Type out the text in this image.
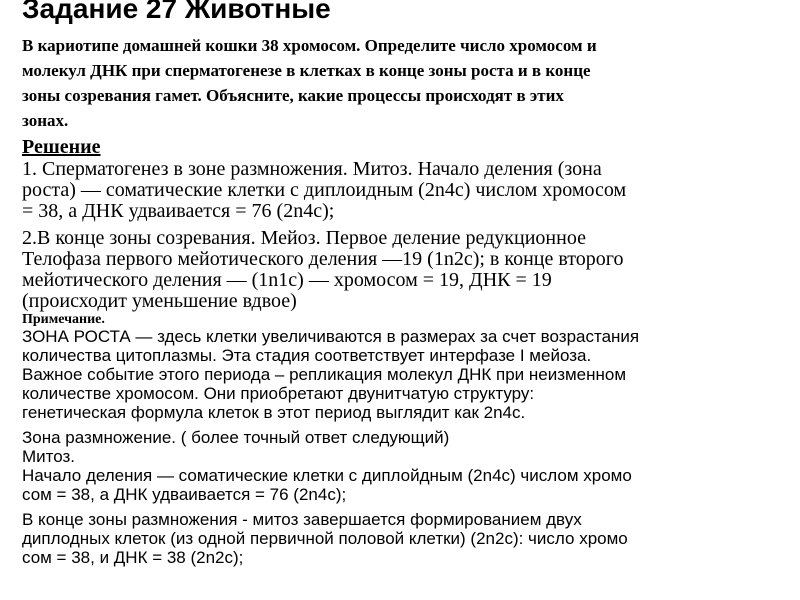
Задание 27 Животные

В кариотипе домашней кошки 38 хромосом. Определите число хромосом и
молекул ДНК при сперматогенезе в клетках в конце зоны роста и в конце
зоны созревания гамет. Объясните, какие процессы происходят в этих
зонах.

Решение

1. Сперматогенез в зоне размножения. Митоз. Начало деления (зона
роста) — соматические клетки с диплоидным (2n4c) числом хромосом
= 38, а ДНК удваивается = 76 (2n4c);

2.В конце зоны созревания. Мейоз. Первое деление редукционное
Телофаза первого мейотического деления —19 (1n2c); в конце второго
мейотического деления — (1n1c) — хромосом = 19, ДНК = 19
(происходит уменьшение вдвое)

Примечание.

ЗОНА РОСТА — здесь клетки увеличиваются в размерах за счет возрастания
количества цитоплазмы. Эта стадия соответствует интерфазе I мейоза.
Важное событие этого периода – репликация молекул ДНК при неизменном
количестве хромосом. Они приобретают двунитчатую структуру:
генетическая формула клеток в этот период выглядит как 2n4c.

Зона размножение. ( более точный ответ следующий)
Митоз.
Начало деления — соматические клетки с диплойдным (2n4c) числом хромо
сом = 38, а ДНК удваивается = 76 (2n4c);

В конце зоны размножения - митоз завершается формированием двух
диплодных клеток (из одной первичной половой клетки) (2n2c): число хромо
сом = 38, и ДНК = 38 (2n2c);
